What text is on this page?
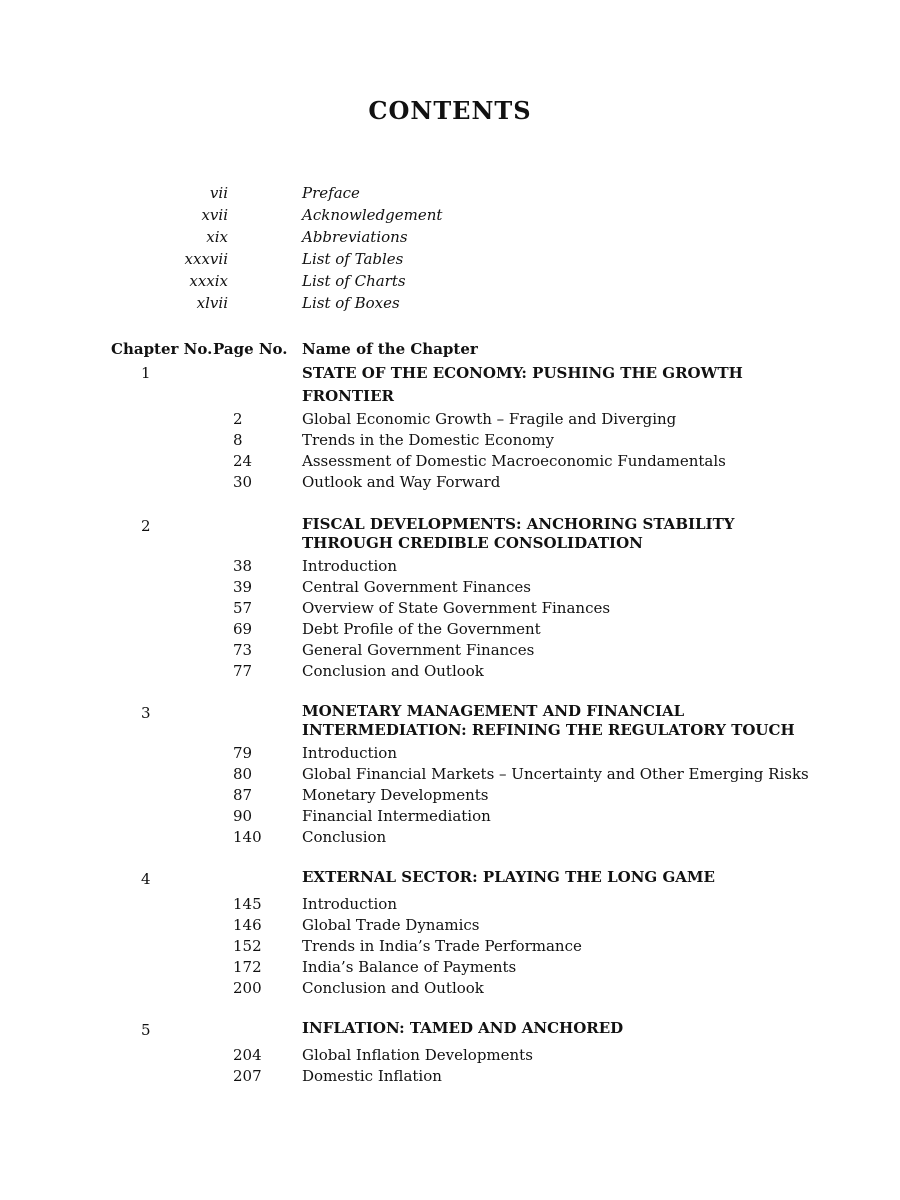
CONTENTS
vii	Preface
xvii	Acknowledgement
xix	Abbreviations
xxxvii	List of Tables
xxxix	List of Charts
xlvii	List of Boxes
Chapter No. Page No. Name of the Chapter
1	STATE OF THE ECONOMY: PUSHING THE GROWTH
FRONTIER
2	Global Economic Growth – Fragile and Diverging
8	Trends in the Domestic Economy
24	Assessment of Domestic Macroeconomic Fundamentals
30	Outlook and Way Forward
2	FISCAL DEVELOPMENTS: ANCHORING STABILITY
THROUGH CREDIBLE CONSOLIDATION
38	Introduction
39	Central Government Finances
57	Overview of State Government Finances
69	Debt Profile of the Government
73	General Government Finances
77	Conclusion and Outlook
3	MONETARY MANAGEMENT AND FINANCIAL
INTERMEDIATION: REFINING THE REGULATORY TOUCH
79	Introduction
80	Global Financial Markets – Uncertainty and Other Emerging Risks
87	Monetary Developments
90	Financial Intermediation
140	Conclusion
4	EXTERNAL SECTOR: PLAYING THE LONG GAME
145	Introduction
146	Global Trade Dynamics
152	Trends in India’s Trade Performance
172	India’s Balance of Payments
200	Conclusion and Outlook
5	INFLATION: TAMED AND ANCHORED
204	Global Inflation Developments
207	Domestic Inflation
